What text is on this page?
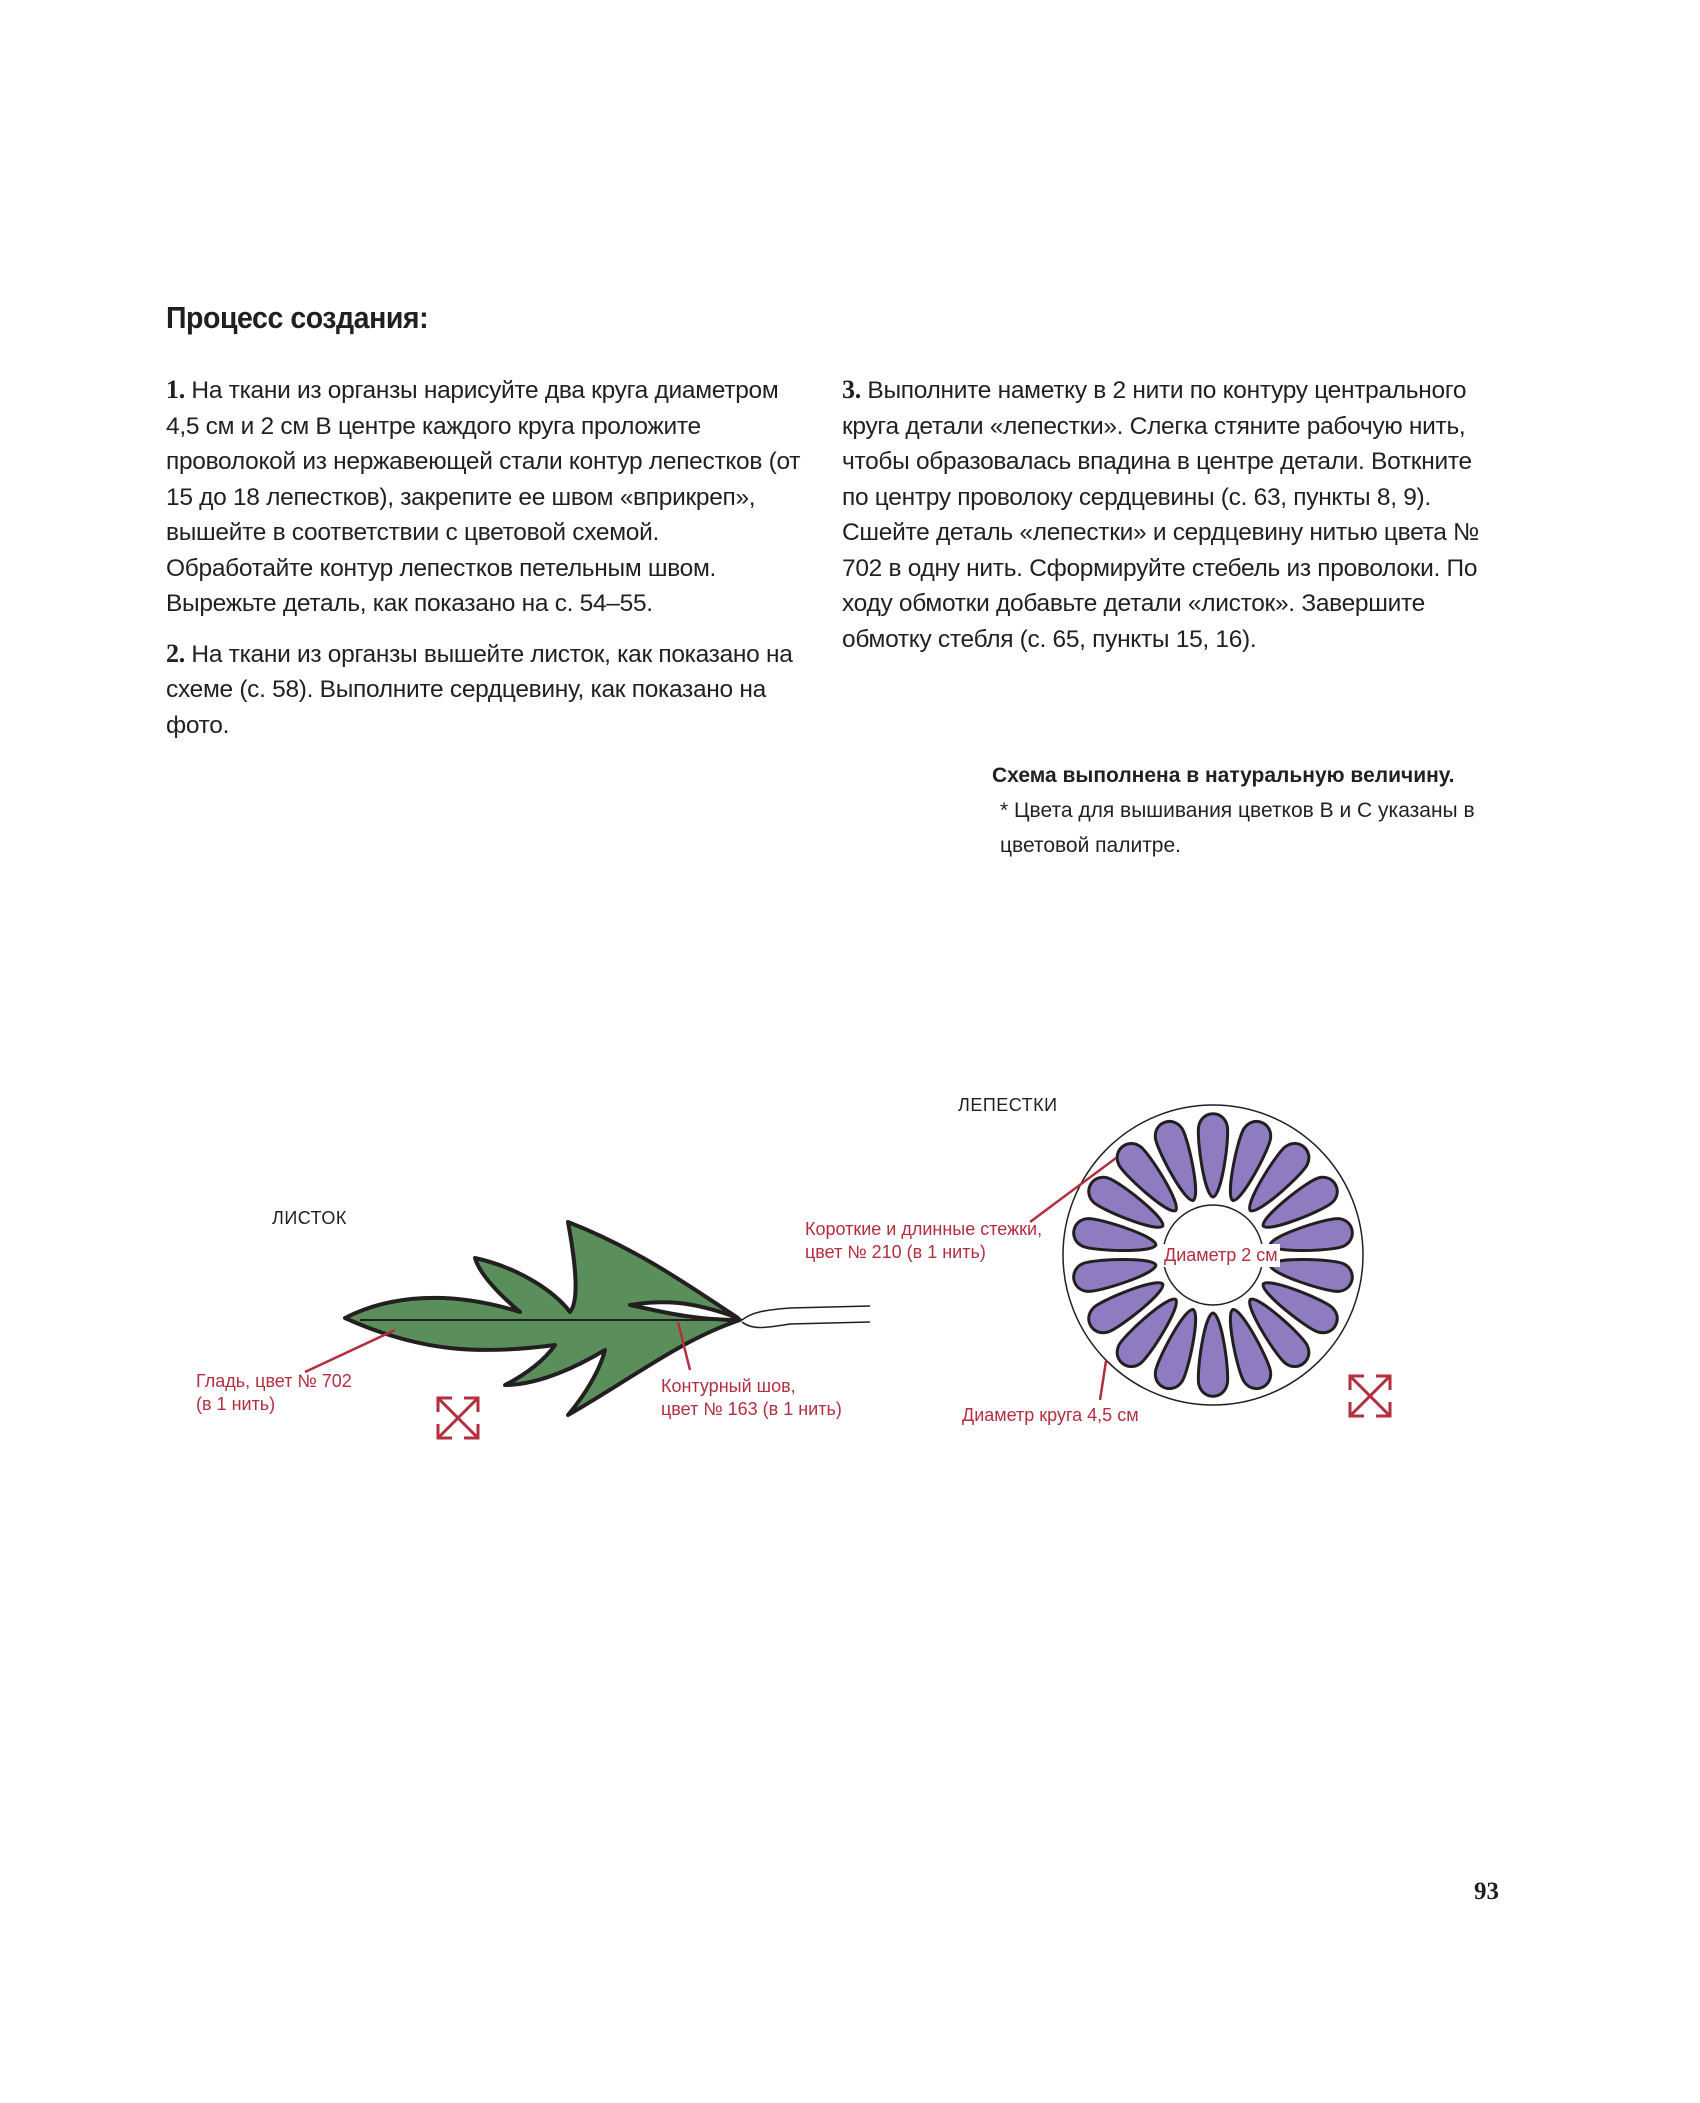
Процесс создания:

1. На ткани из органзы нарисуйте два круга диаметром 4,5 см и 2 см В центре каждого круга проложите проволокой из нержавеющей стали контур лепестков (от 15 до 18 лепестков), закрепите ее швом «вприкреп», вышейте в соответствии с цветовой схемой. Обработайте контур лепестков петельным швом. Вырежьте деталь, как показано на с. 54–55.

2. На ткани из органзы вышейте листок, как показано на схеме (с. 58). Выполните сердцевину, как показано на фото.

3. Выполните наметку в 2 нити по контуру центрального круга детали «лепестки». Слегка стяните рабочую нить, чтобы образовалась впадина в центре детали. Воткните по центру проволоку сердцевины (с. 63, пункты 8, 9). Сшейте деталь «лепестки» и сердцевину нитью цвета № 702 в одну нить. Сформируйте стебель из проволоки. По ходу обмотки добавьте детали «листок». Завершите обмотку стебля (с. 65, пункты 15, 16).

Схема выполнена в натуральную величину.
* Цвета для вышивания цветков B и C указаны в цветовой палитре.
ЛИСТОК
Гладь, цвет № 702
(в 1 нить)
Контурный шов,
цвет № 163 (в 1 нить)
ЛЕПЕСТКИ
Короткие и длинные стежки,
цвет № 210 (в 1 нить)	Диаметр 2 см
Диаметр круга 4,5 см
93
